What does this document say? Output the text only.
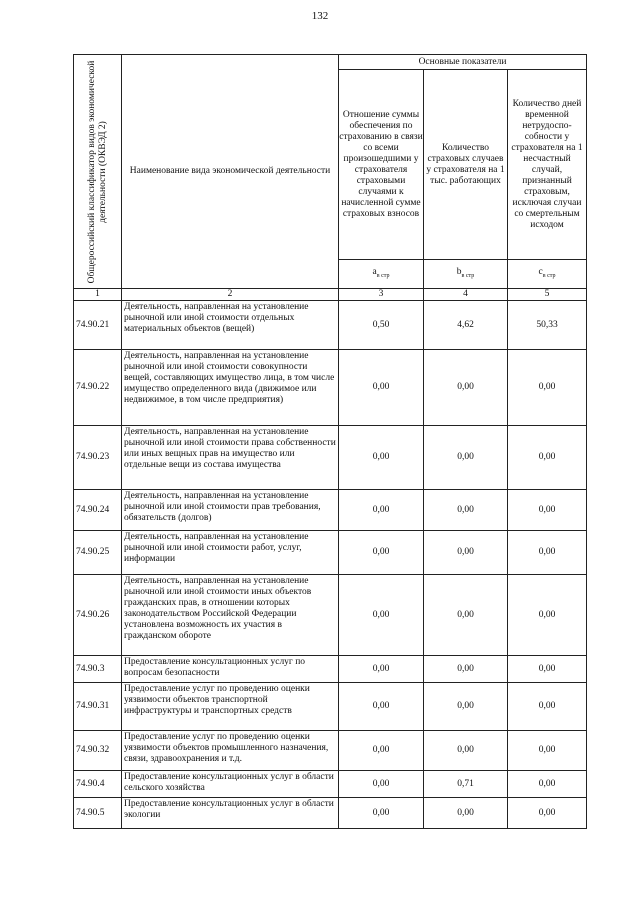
132
Общероссийский классификатор видов экономической деятельности (ОКВЭД 2)	Наименование вида экономической деятельности	Основные показатели		
		Отношение суммы обеспечения по страхованию в связи со всеми произошедшими у страхователя страховыми случаями к начисленной сумме страховых взносов	Количество страховых случаев у страхователя на 1 тыс. работающих	Количество дней временной нетрудоспо-собности у страхователя на 1 несчастный случай, признанный страховым, исключая случаи со смертельным исходом
		$a_{в стр}$	$b_{в стр}$	$c_{в стр}$
1	2	3	4	5
74.90.21	Деятельность, направленная на установление рыночной или иной стоимости отдельных материальных объектов (вещей)	0,50	4,62	50,33
74.90.22	Деятельность, направленная на установление рыночной или иной стоимости совокупности вещей, составляющих имущество лица, в том числе имущество определенного вида (движимое или недвижимое, в том числе предприятия)	0,00	0,00	0,00
74.90.23	Деятельность, направленная на установление рыночной или иной стоимости права собственности или иных вещных прав на имущество или отдельные вещи из состава имущества	0,00	0,00	0,00
74.90.24	Деятельность, направленная на установление рыночной или иной стоимости прав требования, обязательств (долгов)	0,00	0,00	0,00
74.90.25	Деятельность, направленная на установление рыночной или иной стоимости работ, услуг, информации	0,00	0,00	0,00
74.90.26	Деятельность, направленная на установление рыночной или иной стоимости иных объектов гражданских прав, в отношении которых законодательством Российской Федерации установлена возможность их участия в гражданском обороте	0,00	0,00	0,00
74.90.3	Предоставление консультационных услуг по вопросам безопасности	0,00	0,00	0,00
74.90.31	Предоставление услуг по проведению оценки уязвимости объектов транспортной инфраструктуры и транспортных средств	0,00	0,00	0,00
74.90.32	Предоставление услуг по проведению оценки уязвимости объектов промышленного назначения, связи, здравоохранения и т.д.	0,00	0,00	0,00
74.90.4	Предоставление консультационных услуг в области сельского хозяйства	0,00	0,71	0,00
74.90.5	Предоставление консультационных услуг в области экологии	0,00	0,00	0,00
